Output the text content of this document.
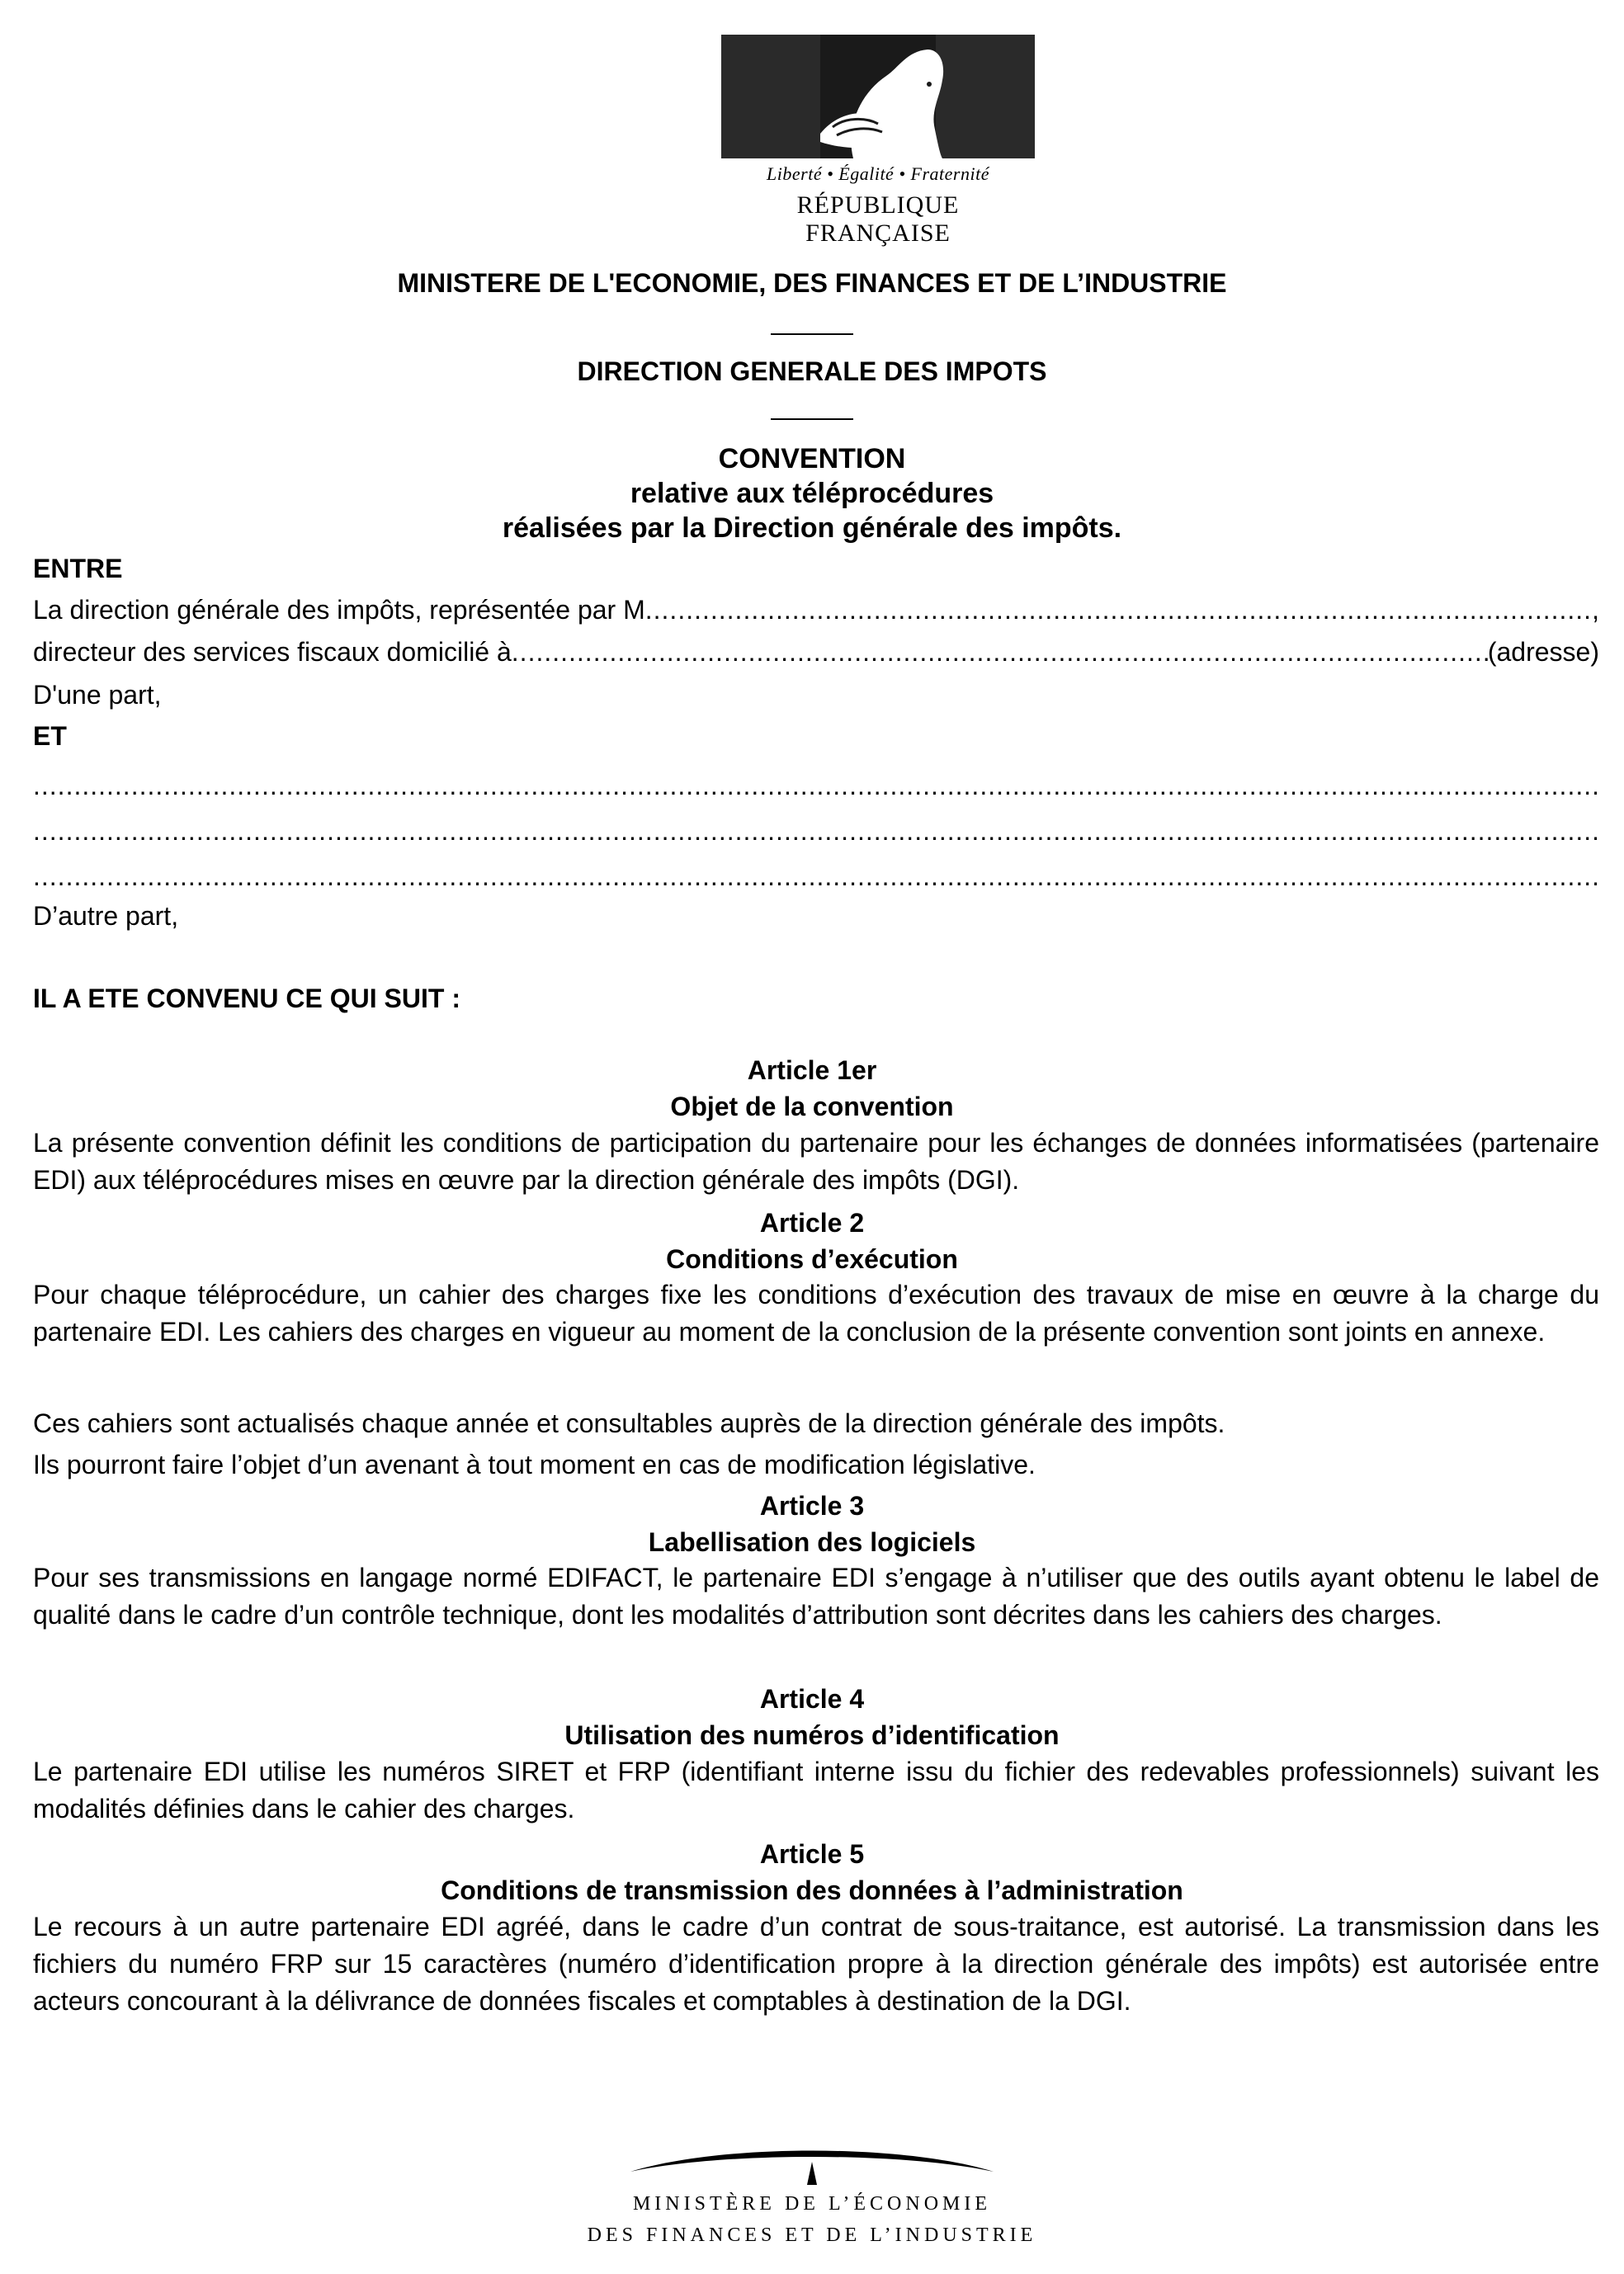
Liberté • Égalité • Fraternité
RÉPUBLIQUE FRANÇAISE
MINISTERE DE L'ECONOMIE, DES FINANCES ET DE L’INDUSTRIE
DIRECTION GENERALE DES IMPOTS
CONVENTION
relative aux téléprocédures
réalisées par la Direction générale des impôts.
ENTRE
La direction générale des impôts, représentée par M .....	,
directeur des services fiscaux domicilié à .....	(adresse)
D'une part,
ET
.....
.....
.....
D’autre part,
IL A ETE CONVENU CE QUI SUIT :
Article 1er
Objet de la convention
La présente convention définit les conditions de participation du partenaire pour les échanges de données informatisées (partenaire EDI) aux téléprocédures mises en œuvre par la direction générale des impôts (DGI).
Article 2
Conditions d’exécution
Pour chaque téléprocédure, un cahier des charges fixe les conditions d’exécution des travaux de mise en œuvre à la charge du partenaire EDI. Les cahiers des charges en vigueur au moment de la conclusion de la présente convention sont joints en annexe.
Ces cahiers sont actualisés chaque année et consultables auprès de la direction générale des impôts.
Ils pourront faire l’objet d’un avenant à tout moment en cas de modification législative.
Article 3
Labellisation des logiciels
Pour ses transmissions en langage normé EDIFACT, le partenaire EDI s’engage à n’utiliser que des outils ayant obtenu le label de qualité dans le cadre d’un contrôle technique, dont les modalités d’attribution sont décrites dans les cahiers des charges.
Article 4
Utilisation des numéros d’identification
Le partenaire EDI utilise les numéros SIRET et FRP (identifiant interne issu du fichier des redevables professionnels) suivant les modalités définies dans le cahier des charges.
Article 5
Conditions de transmission des données à l’administration
Le recours à un autre partenaire EDI agréé, dans le cadre d’un contrat de sous-traitance, est autorisé. La transmission dans les fichiers du numéro FRP sur 15 caractères (numéro d’identification propre à la direction générale des impôts) est autorisée entre acteurs concourant à la délivrance de données fiscales et comptables à destination de la DGI.
MINISTÈRE DE L’ÉCONOMIE
DES FINANCES ET DE L’INDUSTRIE
